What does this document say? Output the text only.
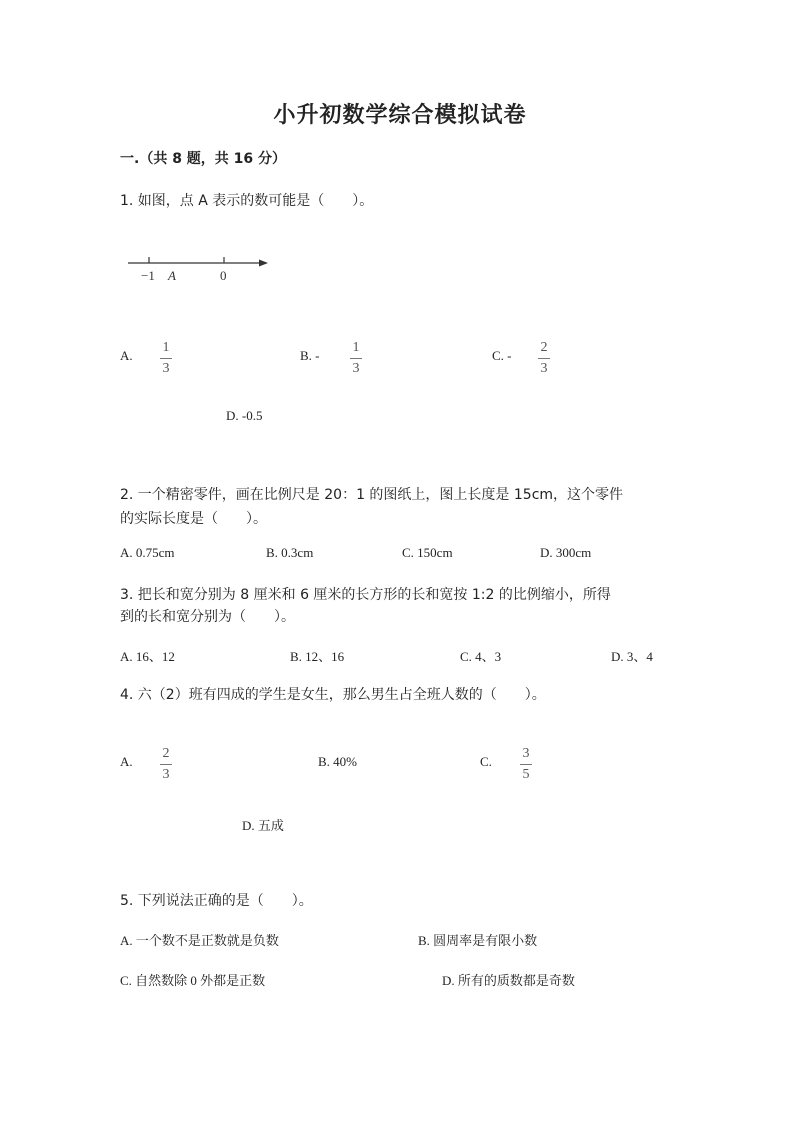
小升初数学综合模拟试卷
一.（共 8 题，共 16 分）
1. 如图，点 A 表示的数可能是（　　）。
−1 A	0
A.
1
3
B. -
1
3
C. -
2
3
D. -0.5
2. 一个精密零件，画在比例尺是 20：1 的图纸上，图上长度是 15cm，这个零件
的实际长度是（　　）。
A. 0.75cm	B. 0.3cm	C. 150cm	D. 300cm
3. 把长和宽分别为 8 厘米和 6 厘米的长方形的长和宽按 1:2 的比例缩小，所得
到的长和宽分别为（　　）。
A. 16、12	B. 12、16	C. 4、3	D. 3、4
4. 六（2）班有四成的学生是女生，那么男生占全班人数的（　　）。
A.
2
3
B. 40%	C.
3
5
D. 五成
5. 下列说法正确的是（　　）。
A. 一个数不是正数就是负数	B. 圆周率是有限小数
C. 自然数除 0 外都是正数	D. 所有的质数都是奇数
